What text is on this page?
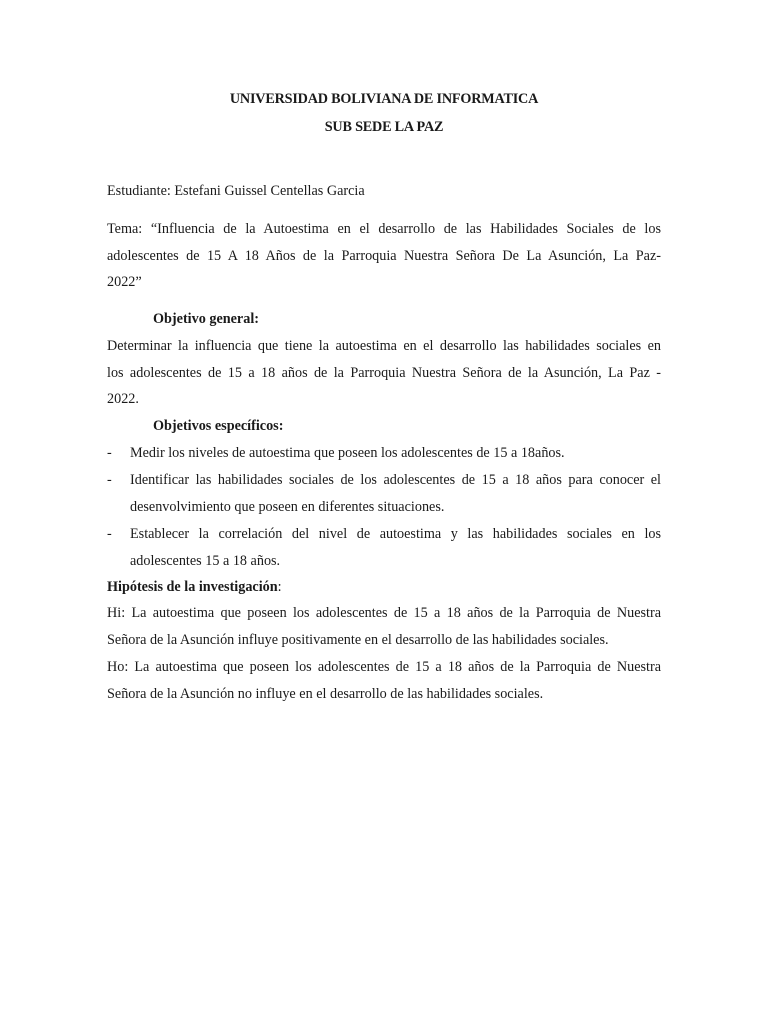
UNIVERSIDAD BOLIVIANA DE INFORMATICA
SUB SEDE LA PAZ
Estudiante: Estefani Guissel Centellas Garcia
Tema: “Influencia de la Autoestima en el desarrollo de las Habilidades Sociales de los
adolescentes de 15 A 18 Años de la Parroquia Nuestra Señora De La Asunción, La Paz-
2022”
Objetivo general:
Determinar la influencia que tiene la autoestima en el desarrollo las habilidades sociales en
los adolescentes de 15 a 18 años de la Parroquia Nuestra Señora de la Asunción, La Paz -
2022.
Objetivos específicos:
- Medir los niveles de autoestima que poseen los adolescentes de 15 a 18años.
- Identificar las habilidades sociales de los adolescentes de 15 a 18 años para conocer el
desenvolvimiento que poseen en diferentes situaciones.
- Establecer la correlación del nivel de autoestima y las habilidades sociales en los
adolescentes 15 a 18 años.
Hipótesis de la investigación:
Hi: La autoestima que poseen los adolescentes de 15 a 18 años de la Parroquia de Nuestra
Señora de la Asunción influye positivamente en el desarrollo de las habilidades sociales.
Ho: La autoestima que poseen los adolescentes de 15 a 18 años de la Parroquia de Nuestra
Señora de la Asunción no influye en el desarrollo de las habilidades sociales.
